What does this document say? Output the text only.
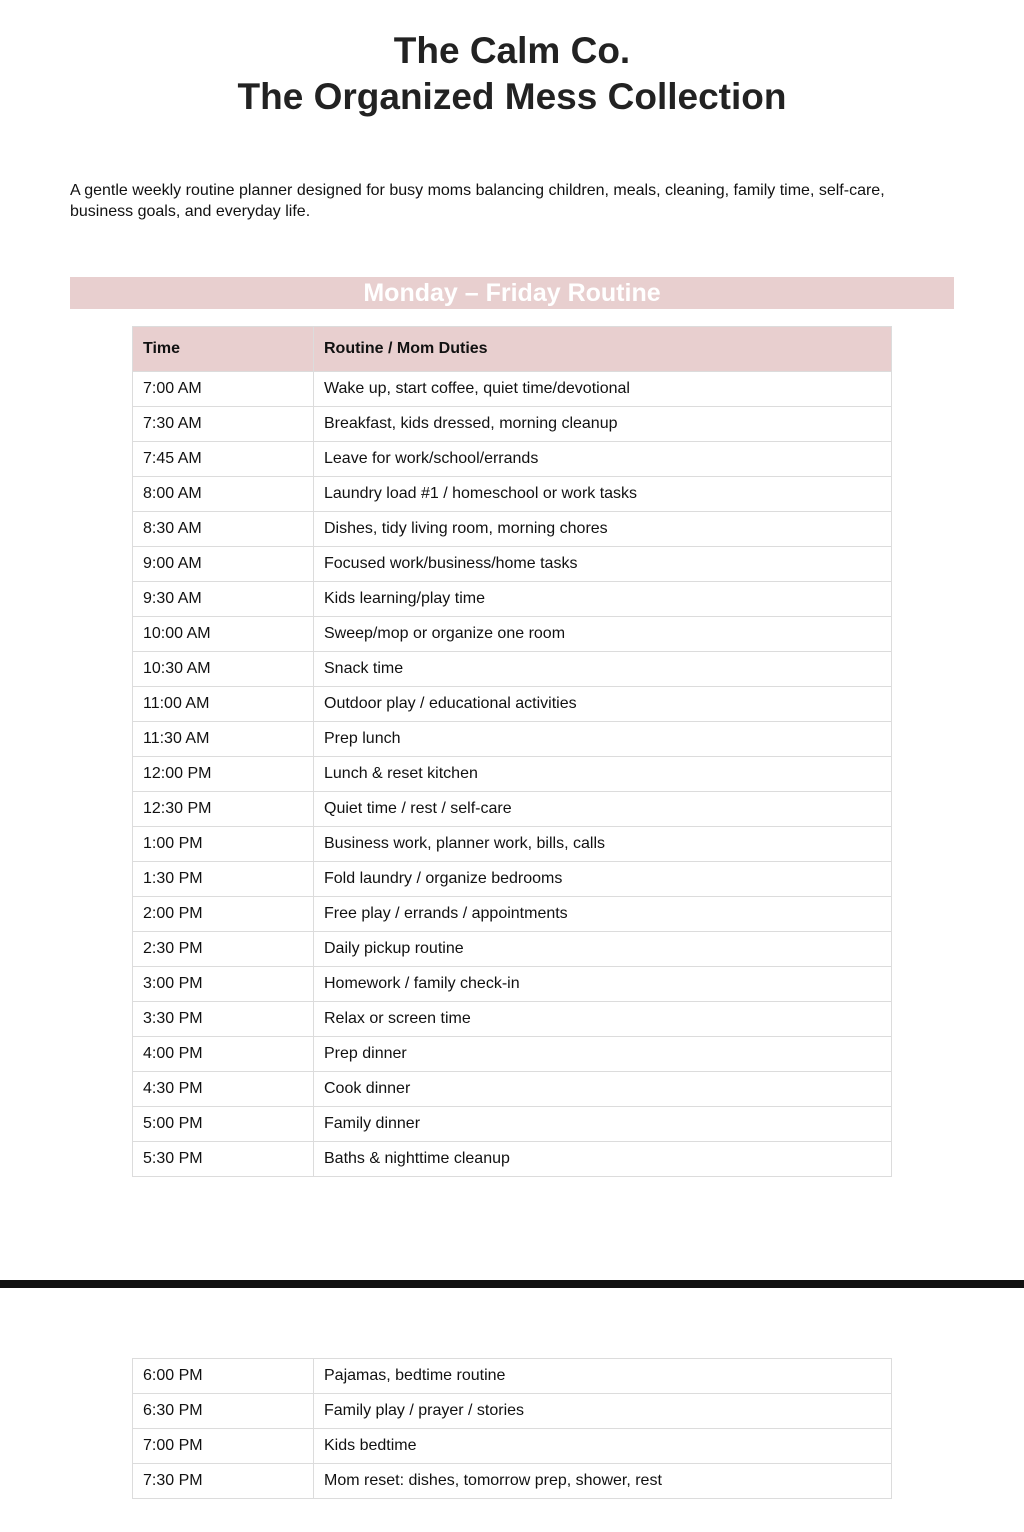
The Calm Co.
The Organized Mess Collection
A gentle weekly routine planner designed for busy moms balancing children, meals, cleaning, family time, self-care, business goals, and everyday life.
Monday – Friday Routine
Time	Routine / Mom Duties
7:00 AM	Wake up, start coffee, quiet time/devotional
7:30 AM	Breakfast, kids dressed, morning cleanup
7:45 AM	Leave for work/school/errands
8:00 AM	Laundry load #1 / homeschool or work tasks
8:30 AM	Dishes, tidy living room, morning chores
9:00 AM	Focused work/business/home tasks
9:30 AM	Kids learning/play time
10:00 AM	Sweep/mop or organize one room
10:30 AM	Snack time
11:00 AM	Outdoor play / educational activities
11:30 AM	Prep lunch
12:00 PM	Lunch & reset kitchen
12:30 PM	Quiet time / rest / self-care
1:00 PM	Business work, planner work, bills, calls
1:30 PM	Fold laundry / organize bedrooms
2:00 PM	Free play / errands / appointments
2:30 PM	Daily pickup routine
3:00 PM	Homework / family check-in
3:30 PM	Relax or screen time
4:00 PM	Prep dinner
4:30 PM	Cook dinner
5:00 PM	Family dinner
5:30 PM	Baths & nighttime cleanup
6:00 PM	Pajamas, bedtime routine
6:30 PM	Family play / prayer / stories
7:00 PM	Kids bedtime
7:30 PM	Mom reset: dishes, tomorrow prep, shower, rest
